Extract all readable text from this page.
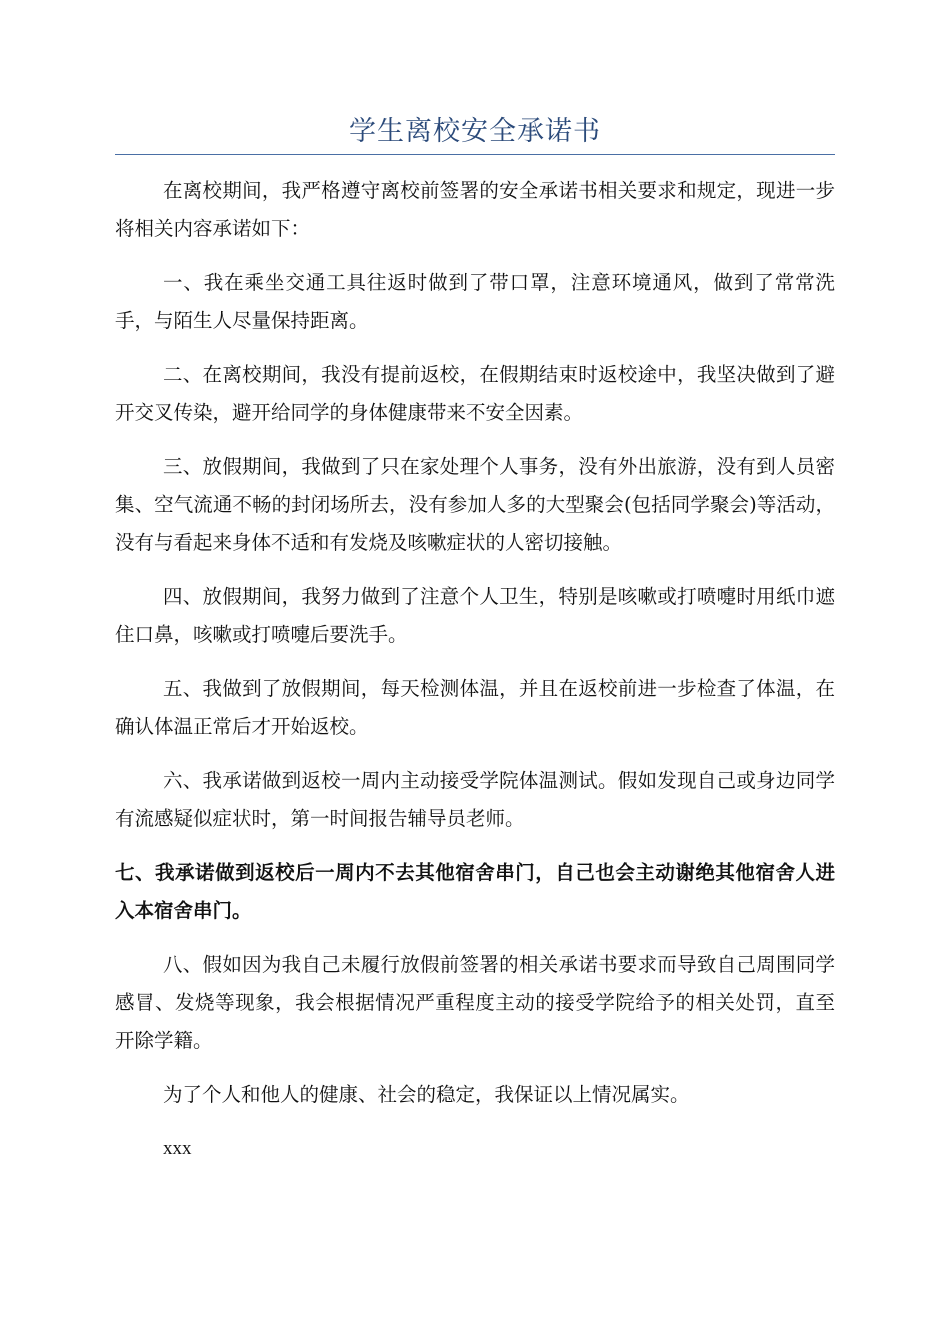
学生离校安全承诺书

在离校期间，我严格遵守离校前签署的安全承诺书相关要求和规定，现进一步将相关内容承诺如下：

一、我在乘坐交通工具往返时做到了带口罩，注意环境通风，做到了常常洗手，与陌生人尽量保持距离。

二、在离校期间，我没有提前返校，在假期结束时返校途中，我坚决做到了避开交叉传染，避开给同学的身体健康带来不安全因素。

三、放假期间，我做到了只在家处理个人事务，没有外出旅游，没有到人员密集、空气流通不畅的封闭场所去，没有参加人多的大型聚会(包括同学聚会)等活动，没有与看起来身体不适和有发烧及咳嗽症状的人密切接触。

四、放假期间，我努力做到了注意个人卫生，特别是咳嗽或打喷嚏时用纸巾遮住口鼻，咳嗽或打喷嚏后要洗手。

五、我做到了放假期间，每天检测体温，并且在返校前进一步检查了体温，在确认体温正常后才开始返校。

六、我承诺做到返校一周内主动接受学院体温测试。假如发现自己或身边同学有流感疑似症状时，第一时间报告辅导员老师。

七、我承诺做到返校后一周内不去其他宿舍串门，自己也会主动谢绝其他宿舍人进入本宿舍串门。

八、假如因为我自己未履行放假前签署的相关承诺书要求而导致自己周围同学感冒、发烧等现象，我会根据情况严重程度主动的接受学院给予的相关处罚，直至开除学籍。

为了个人和他人的健康、社会的稳定，我保证以上情况属实。

xxx
